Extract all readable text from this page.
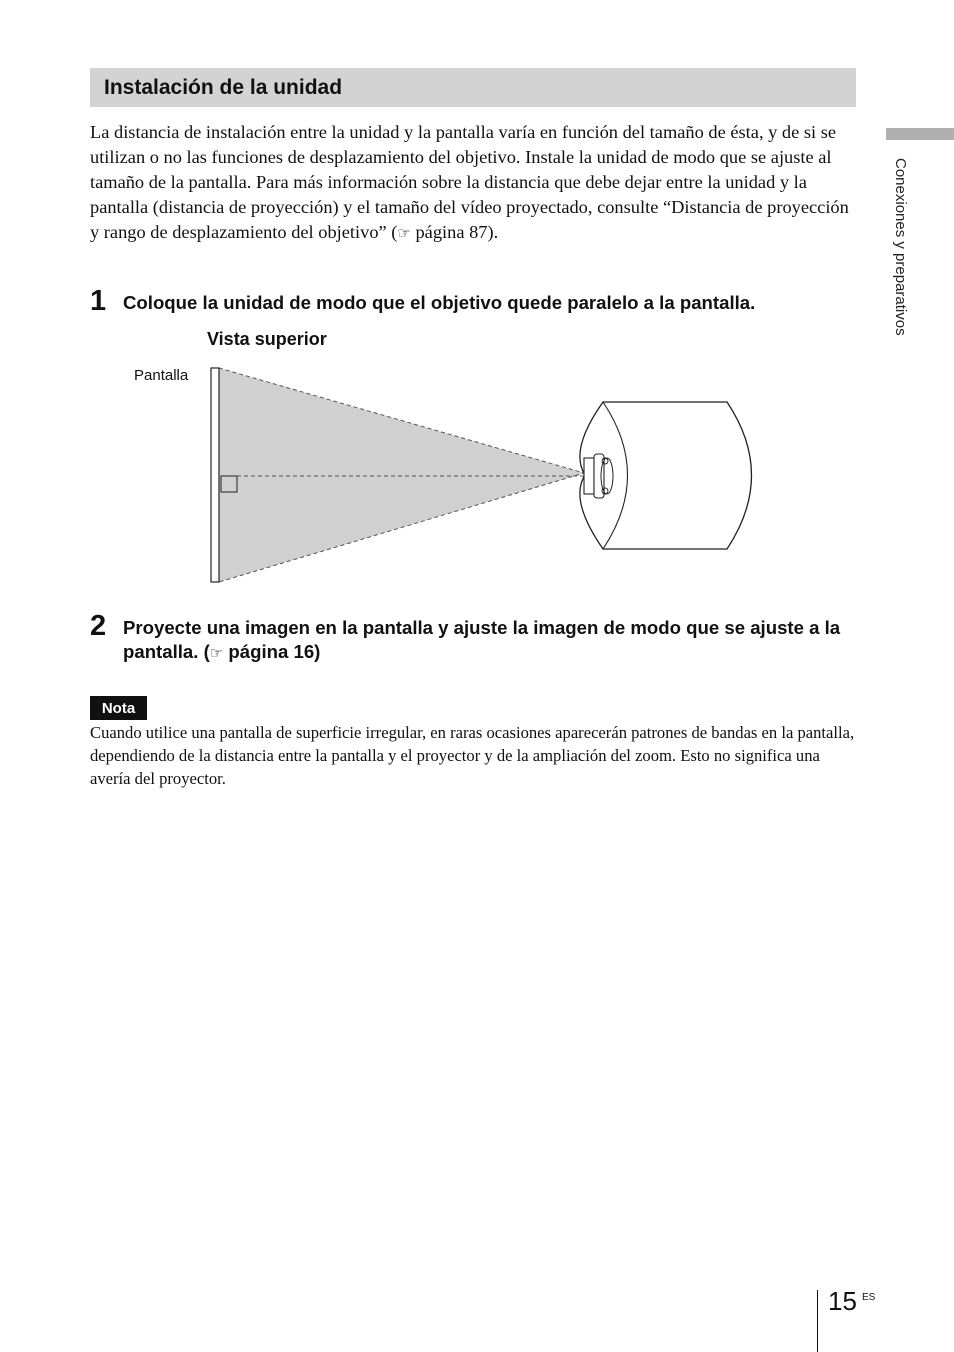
Instalación de la unidad

La distancia de instalación entre la unidad y la pantalla varía en función del tamaño de ésta, y de si se utilizan o no las funciones de desplazamiento del objetivo. Instale la unidad de modo que se ajuste al tamaño de la pantalla. Para más información sobre la distancia que debe dejar entre la unidad y la pantalla (distancia de proyección) y el tamaño del vídeo proyectado, consulte “Distancia de proyección y rango de desplazamiento del objetivo” (☞ página 87).

1 Coloque la unidad de modo que el objetivo quede paralelo a la pantalla.
Vista superior
Pantalla
2 Proyecte una imagen en la pantalla y ajuste la imagen de modo que se ajuste a la pantalla. (☞ página 16)
Nota

Cuando utilice una pantalla de superficie irregular, en raras ocasiones aparecerán patrones de bandas en la pantalla, dependiendo de la distancia entre la pantalla y el proyector y de la ampliación del zoom. Esto no significa una avería del proyector.

Conexiones y preparativos
15 ES
